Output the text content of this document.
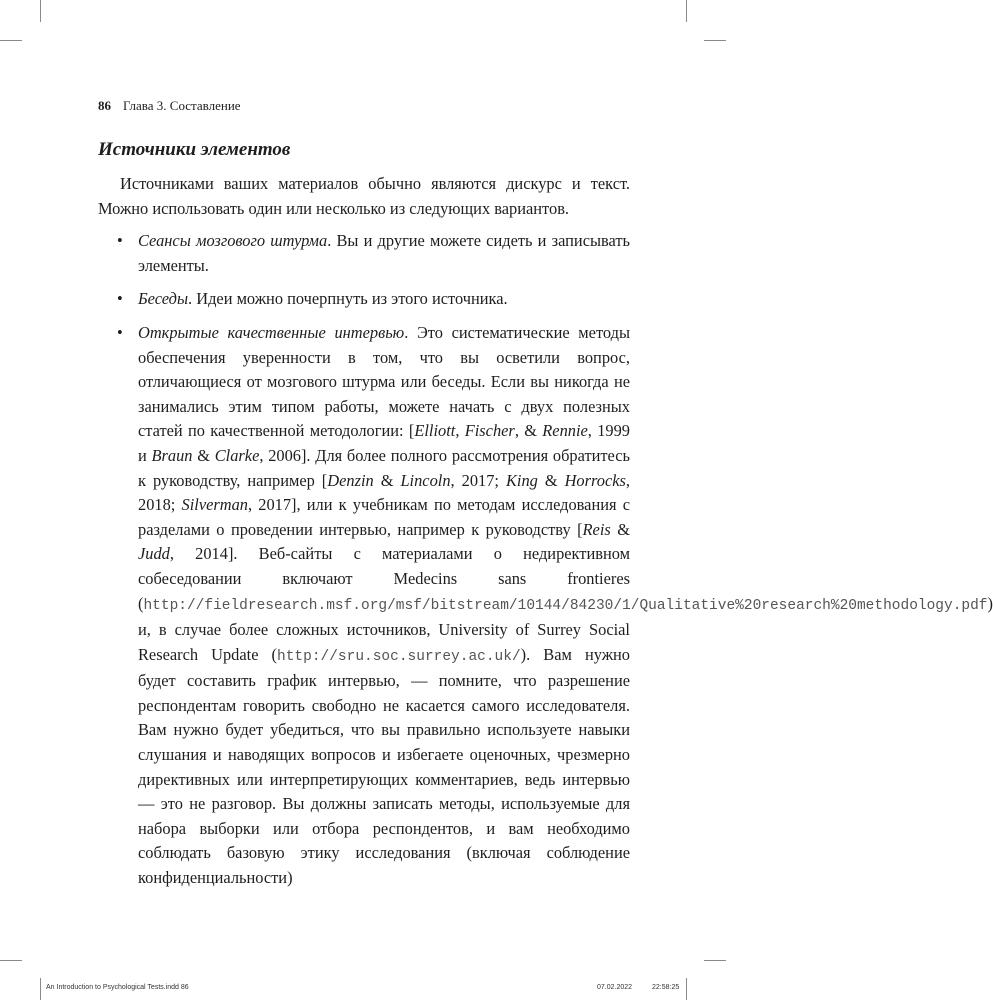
86 Глава 3. Составление
Источники элементов

Источниками ваших материалов обычно являются дискурс и текст. Можно использовать один или несколько из следующих вариантов.

• Сеансы мозгового штурма. Вы и другие можете сидеть и записывать элементы.
• Беседы. Идеи можно почерпнуть из этого источника.
• Открытые качественные интервью. Это систематические методы обеспечения уверенности в том, что вы осветили вопрос, отличающиеся от мозгового штурма или беседы. Если вы никогда не занимались этим типом работы, можете начать с двух полезных статей по качественной методологии: [Elliott, Fischer, & Rennie, 1999 и Braun & Clarke, 2006]. Для более полного рассмотрения обратитесь к руководству, например [Denzin & Lincoln, 2017; King & Horrocks, 2018; Silverman, 2017], или к учебникам по методам исследования с разделами о проведении интервью, например к руководству [Reis & Judd, 2014]. Веб-сайты с материалами о недирективном собеседовании включают Medecins sans frontieres (http://fieldresearch.msf.org/msf/bitstream/10144/84230/1/Qualitative%20research%20methodology.pdf) и, в случае более сложных источников, University of Surrey Social Research Update (http://sru.soc.surrey.ac.uk/). Вам нужно будет составить график интервью, — помните, что разрешение респондентам говорить свободно не касается самого исследователя. Вам нужно будет убедиться, что вы правильно используете навыки слушания и наводящих вопросов и избегаете оценочных, чрезмерно директивных или интерпретирующих комментариев, ведь интервью — это не разговор. Вы должны записать методы, используемые для набора выборки или отбора респондентов, и вам необходимо соблюдать базовую этику исследования (включая соблюдение конфиденциальности)
An Introduction to Psychological Tests.indd 86	07.02.2022	22:58:25
